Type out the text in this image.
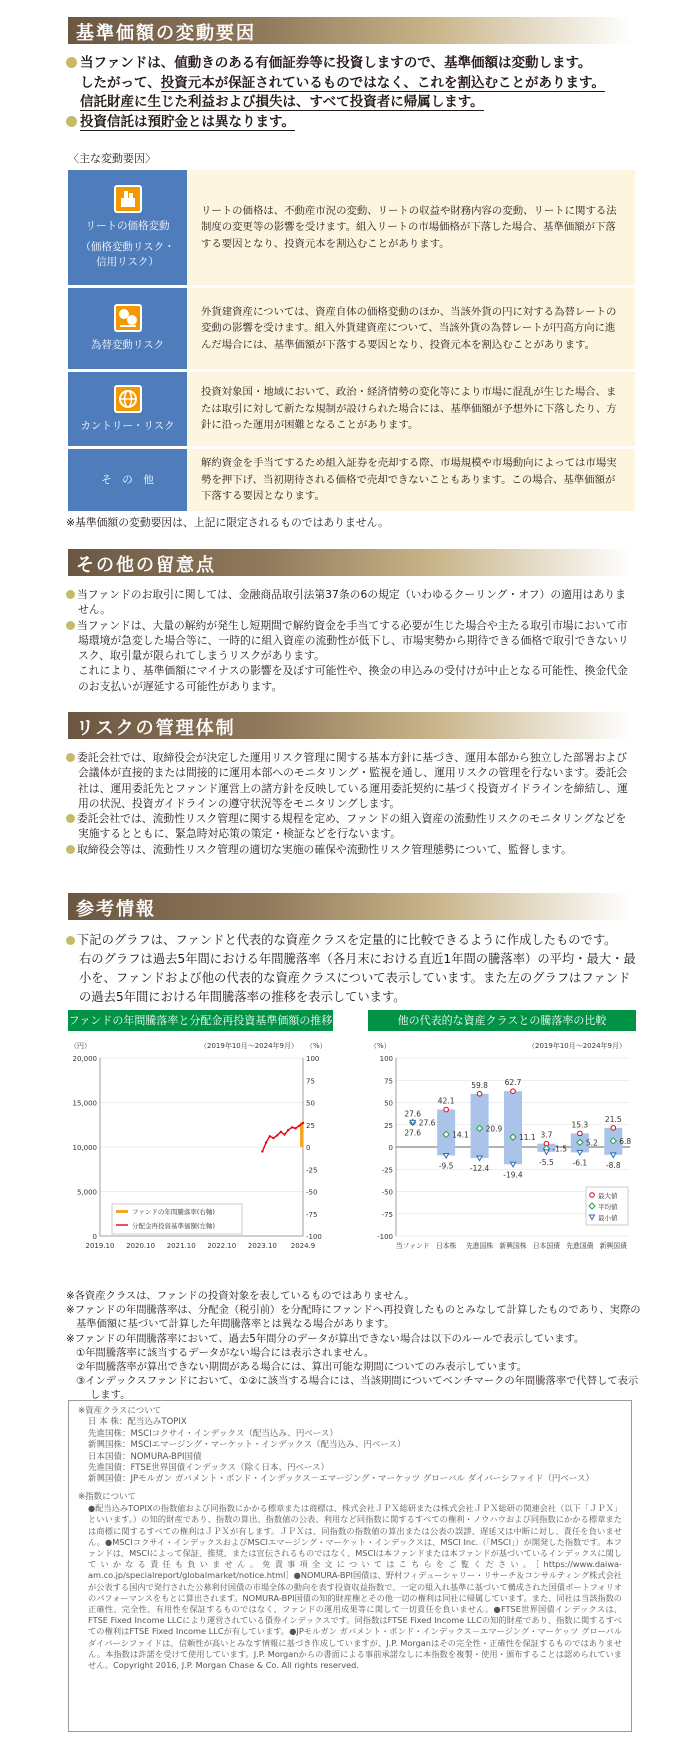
基準価額の変動要因
当ファンドは、値動きのある有価証券等に投資しますので、基準価額は変動します。
したがって、投資元本が保証されているものではなく、これを割込むことがあります。
信託財産に生じた利益および損失は、すべて投資者に帰属します。
投資信託は預貯金とは異なります。
〈主な変動要因〉
リートの価格変動
（価格変動リスク・
信用リスク）
リートの価格は、不動産市況の変動、リートの収益や財務内容の変動、リートに関する法制度の変更等の影響を受けます。組入リートの市場価格が下落した場合、基準価額が下落する要因となり、投資元本を割込むことがあります。
為替変動リスク
外貨建資産については、資産自体の価格変動のほか、当該外貨の円に対する為替レートの変動の影響を受けます。組入外貨建資産について、当該外貨の為替レートが円高方向に進んだ場合には、基準価額が下落する要因となり、投資元本を割込むことがあります。
カントリー・リスク
投資対象国・地域において、政治・経済情勢の変化等により市場に混乱が生じた場合、または取引に対して新たな規制が設けられた場合には、基準価額が予想外に下落したり、方針に沿った運用が困難となることがあります。
そ　の　他
解約資金を手当てするため組入証券を売却する際、市場規模や市場動向によっては市場実勢を押下げ、当初期待される価格で売却できないこともあります。この場合、基準価額が下落する要因となります。
※基準価額の変動要因は、上記に限定されるものではありません。
その他の留意点
当ファンドのお取引に関しては、金融商品取引法第37条の6の規定（いわゆるクーリング・オフ）の適用はありません。
当ファンドは、大量の解約が発生し短期間で解約資金を手当てする必要が生じた場合や主たる取引市場において市場環境が急変した場合等に、一時的に組入資産の流動性が低下し、市場実勢から期待できる価格で取引できないリスク、取引量が限られてしまうリスクがあります。
これにより、基準価額にマイナスの影響を及ぼす可能性や、換金の申込みの受付けが中止となる可能性、換金代金のお支払いが遅延する可能性があります。
リスクの管理体制
委託会社では、取締役会が決定した運用リスク管理に関する基本方針に基づき、運用本部から独立した部署および会議体が直接的または間接的に運用本部へのモニタリング・監視を通し、運用リスクの管理を行ないます。委託会社は、運用委託先とファンド運営上の諸方針を反映している運用委託契約に基づく投資ガイドラインを締結し、運用の状況、投資ガイドラインの遵守状況等をモニタリングします。
委託会社では、流動性リスク管理に関する規程を定め、ファンドの組入資産の流動性リスクのモニタリングなどを実施するとともに、緊急時対応策の策定・検証などを行ないます。
取締役会等は、流動性リスク管理の適切な実施の確保や流動性リスク管理態勢について、監督します。
参考情報
下記のグラフは、ファンドと代表的な資産クラスを定量的に比較できるように作成したものです。
右のグラフは過去5年間における年間騰落率（各月末における直近1年間の騰落率）の平均・最大・最小を、ファンドおよび他の代表的な資産クラスについて表示しています。また左のグラフはファンドの過去5年間における年間騰落率の推移を表示しています。
ファンドの年間騰落率と分配金再投資基準価額の推移	他の代表的な資産クラスとの騰落率の比較
（円）	（%）
（2019年10月～2024年9月）
20,000
15,000
10,000
5,000
0
100
75
50
25
0
-25
-50
-75
-100
2019.10 2020.10 2021.10 2022.10 2023.10 2024.9
ファンドの年間騰落率(右軸)
分配金再投資基準価額(左軸)
（%）	（2019年10月～2024年9月）
100
75
50
25
0
-25
-50
-75
-100
当ファンド
27.6
27.6
27.6
日本株
42.1
14.1
-9.5
先進国株
59.8
20.9
-12.4
新興国株
62.7
11.1
-19.4
日本国債
3.7
-1.5
-5.5
先進国債
15.3
5.2
-6.1
新興国債
21.5
6.8
-8.8
最大値
平均値
最小値
※各資産クラスは、ファンドの投資対象を表しているものではありません。
※ファンドの年間騰落率は、分配金（税引前）を分配時にファンドへ再投資したものとみなして計算したものであり、実際の基準価額に基づいて計算した年間騰落率とは異なる場合があります。
※ファンドの年間騰落率において、過去5年間分のデータが算出できない場合は以下のルールで表示しています。
①年間騰落率に該当するデータがない場合には表示されません。
②年間騰落率が算出できない期間がある場合には、算出可能な期間についてのみ表示しています。
③インデックスファンドにおいて、①②に該当する場合には、当該期間についてベンチマークの年間騰落率で代替して表示します。
※資産クラスについて
日 本 株：配当込みTOPIX
先進国株：MSCIコクサイ・インデックス（配当込み、円ベース）
新興国株：MSCIエマージング・マーケット・インデックス（配当込み、円ベース）
日本国債：NOMURA-BPI国債
先進国債：FTSE世界国債インデックス（除く日本、円ベース）
新興国債：JPモルガン ガバメント・ボンド・インデックス－エマージング・マーケッツ グローバル ダイバーシファイド（円ベース）
※指数について
●配当込みTOPIXの指数値および同指数にかかる標章または商標は、株式会社ＪＰＸ総研または株式会社ＪＰＸ総研の関連会社（以下「ＪＰＸ」といいます。）の知的財産であり、指数の算出、指数値の公表、利用など同指数に関するすべての権利・ノウハウおよび同指数にかかる標章または商標に関するすべての権利はＪＰＸが有します。ＪＰＸは、同指数の指数値の算出または公表の誤謬、遅延又は中断に対し、責任を負いません。●MSCIコクサイ・インデックスおよびMSCIエマージング・マーケット・インデックスは、MSCI Inc.（「MSCI」）が開発した指数です。本ファンドは、MSCIによって保証、推奨、または宣伝されるものではなく、MSCIは本ファンドまたは本ファンドが基づいているインデックスに関していかなる責任も負いません。免責事項全文についてはこちらをご覧ください。［https://www.daiwa-am.co.jp/specialreport/globalmarket/notice.html］●NOMURA-BPI国債は、野村フィデューシャリー・リサーチ＆コンサルティング株式会社が公表する国内で発行された公募利付国債の市場全体の動向を表す投資収益指数で、一定の組入れ基準に基づいて構成された国債ポートフォリオのパフォーマンスをもとに算出されます。NOMURA-BPI国債の知的財産権とその他一切の権利は同社に帰属しています。また、同社は当該指数の正確性、完全性、有用性を保証するものではなく、ファンドの運用成果等に関して一切責任を負いません。●FTSE世界国債インデックスは、FTSE Fixed Income LLCにより運営されている債券インデックスです。同指数はFTSE Fixed Income LLCの知的財産であり、指数に関するすべての権利はFTSE Fixed Income LLCが有しています。●JPモルガン ガバメント・ボンド・インデックス－エマージング・マーケッツ グローバル ダイバーシファイドは、信頼性が高いとみなす情報に基づき作成していますが、J.P. Morganはその完全性・正確性を保証するものではありません。本指数は許諾を受けて使用しています。J.P. Morganからの書面による事前承諾なしに本指数を複製・使用・頒布することは認められていません。Copyright 2016, J.P. Morgan Chase & Co. All rights reserved.
